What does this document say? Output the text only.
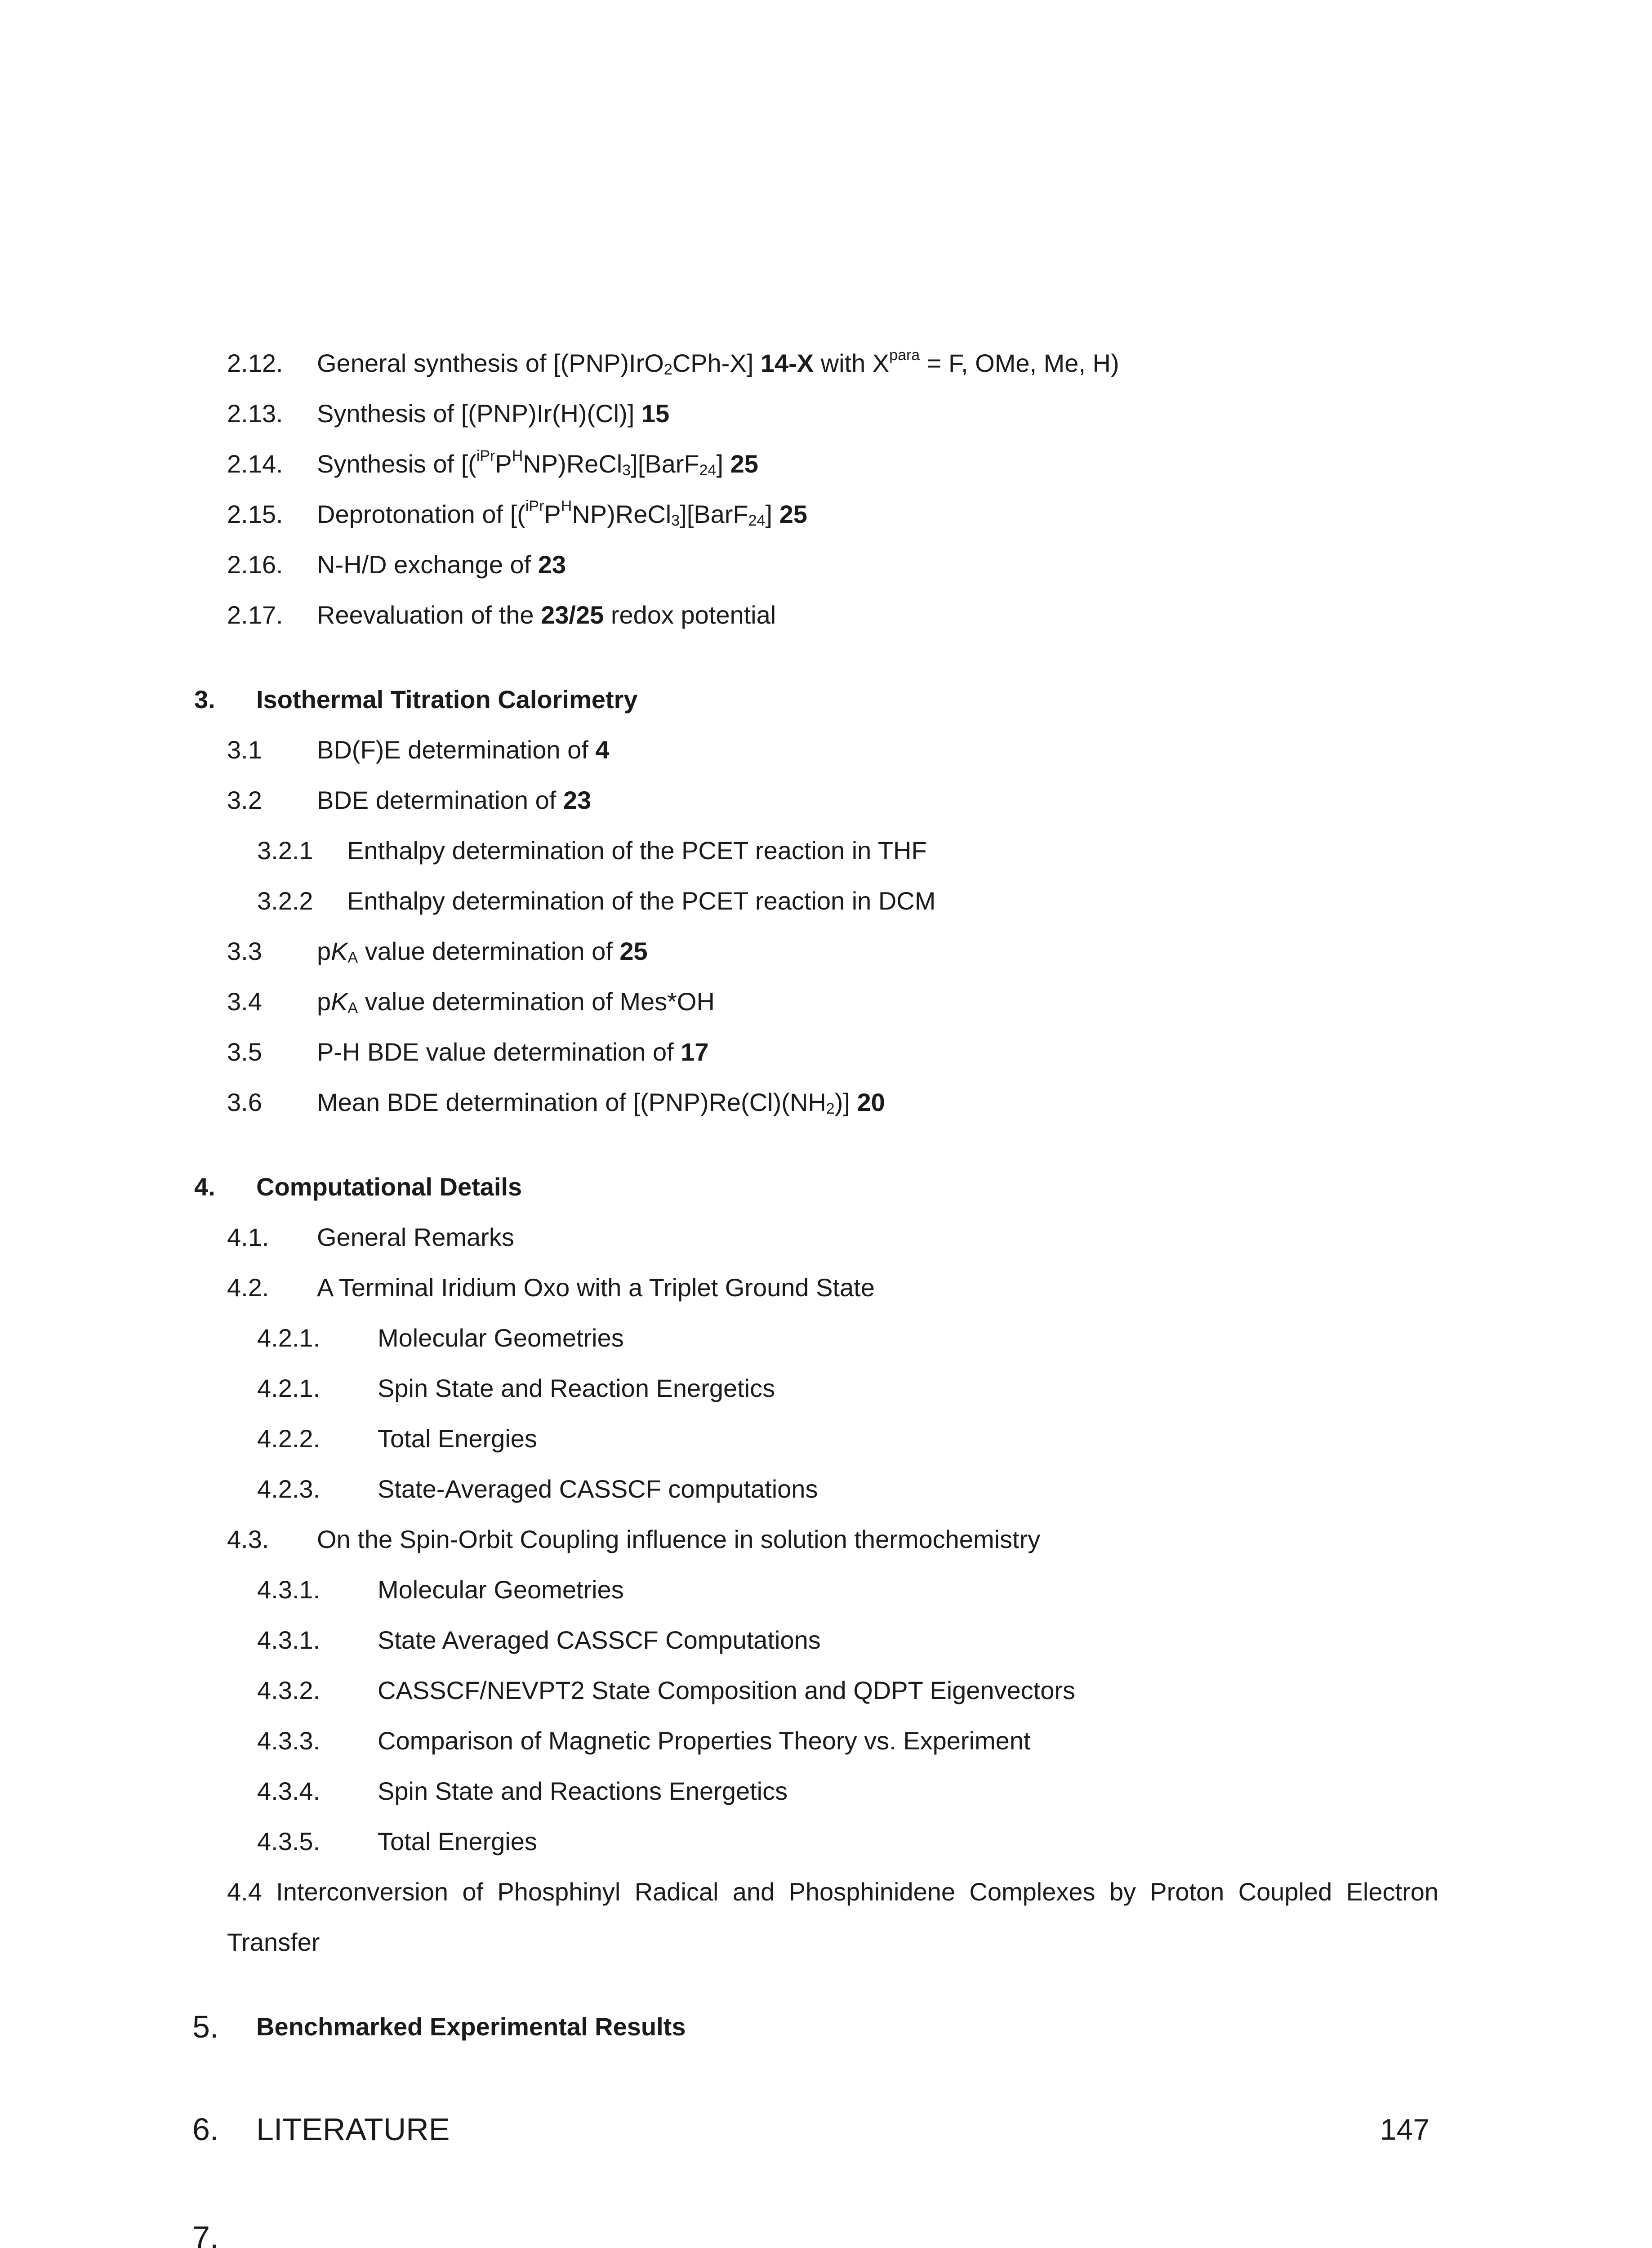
2.12. General synthesis of [(PNP)IrO$_2$CPh-X] 14-X with $X^{para} = F$, OMe, Me, H)
2.13. Synthesis of [(PNP)Ir(H)(Cl)] 15
2.14. Synthesis of $[(^{iPr}P^HNP)ReCl_3][BarF_{24}]$ 25
2.15. Deprotonation of $[(^{iPr}P^HNP)ReCl_3][BarF_{24}]$ 25
2.16. N-H/D exchange of 23
2.17. Reevaluation of the 23/25 redox potential
3. Isothermal Titration Calorimetry
3.1 BD(F)E determination of 4
3.2 BDE determination of 23
3.2.1 Enthalpy determination of the PCET reaction in THF
3.2.2 Enthalpy determination of the PCET reaction in DCM
3.3 pKA value determination of 25
3.4 pKA value determination of Mes*OH
3.5 P-H BDE value determination of 17
3.6 Mean BDE determination of $[(PNP)Re(Cl)(NH_2)]$ 20
4. Computational Details
4.1. General Remarks
4.2. A Terminal Iridium Oxo with a Triplet Ground State
4.2.1. Molecular Geometries
4.2.1. Spin State and Reaction Energetics
4.2.2. Total Energies
4.2.3. State-Averaged CASSCF computations
4.3. On the Spin-Orbit Coupling influence in solution thermochemistry
4.3.1. Molecular Geometries
4.3.1. State Averaged CASSCF Computations
4.3.2. CASSCF/NEVPT2 State Composition and QDPT Eigenvectors
4.3.3. Comparison of Magnetic Properties Theory vs. Experiment
4.3.4. Spin State and Reactions Energetics
4.3.5. Total Energies
4.4 Interconversion of Phosphinyl Radical and Phosphinidene Complexes by Proton Coupled Electron
Transfer
5. Benchmarked Experimental Results
6. LITERATURE	147
7.
